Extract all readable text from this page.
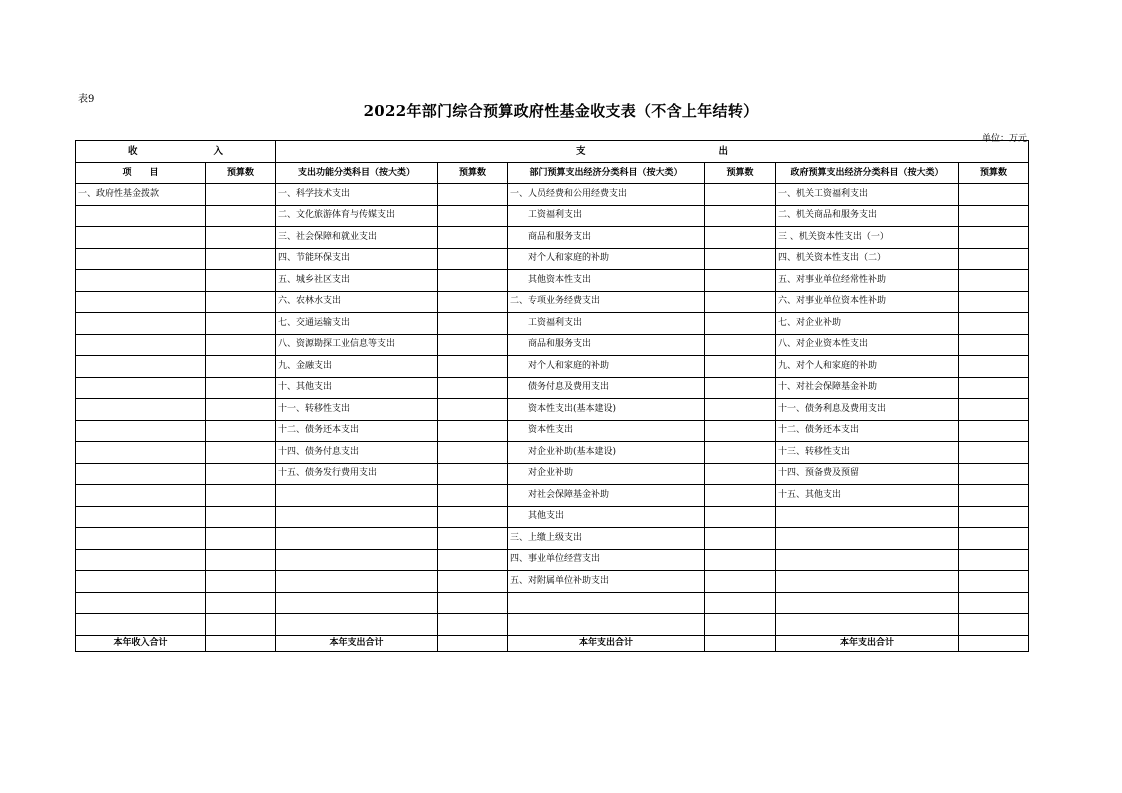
表9
2022年部门综合预算政府性基金收支表（不含上年结转）
单位：万元
收　　　　　　　　入		支　　　　　　　　　　　　　　出					
项　　目	预算数	支出功能分类科目（按大类）	预算数	部门预算支出经济分类科目（按大类）	预算数	政府预算支出经济分类科目（按大类）	预算数
一、政府性基金拨款		一、科学技术支出		一、人员经费和公用经费支出		一、机关工资福利支出	
		二、文化旅游体育与传媒支出		工资福利支出		二、机关商品和服务支出	
		三、社会保障和就业支出		商品和服务支出		三 、机关资本性支出（一）	
		四、节能环保支出		对个人和家庭的补助		四、机关资本性支出（二）	
		五、城乡社区支出		其他资本性支出		五、对事业单位经常性补助	
		六、农林水支出		二、专项业务经费支出		六、对事业单位资本性补助	
		七、交通运输支出		工资福利支出		七、对企业补助	
		八、资源勘探工业信息等支出		商品和服务支出		八、对企业资本性支出	
		九、金融支出		对个人和家庭的补助		九、对个人和家庭的补助	
		十、其他支出		债务付息及费用支出		十、对社会保障基金补助	
		十一、转移性支出		资本性支出(基本建设)		十一、债务利息及费用支出	
		十二、债务还本支出		资本性支出		十二、债务还本支出	
		十四、债务付息支出		对企业补助(基本建设)		十三、转移性支出	
		十五、债务发行费用支出		对企业补助		十四、预备费及预留	
				对社会保障基金补助		十五、其他支出	
				其他支出			
				三、上缴上级支出			
				四、事业单位经营支出			
				五、对附属单位补助支出			

本年收入合计		本年支出合计		本年支出合计		本年支出合计	
